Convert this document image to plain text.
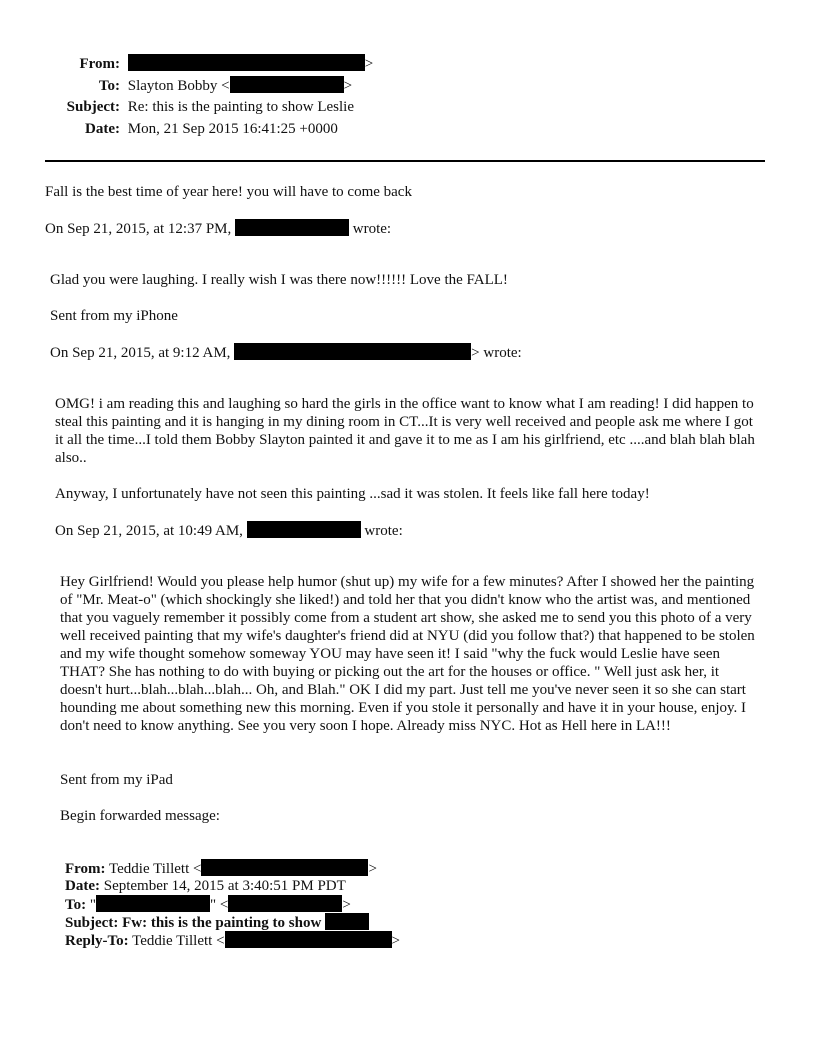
From:	>
To: Slayton Bobby <	>
Subject: Re: this is the painting to show Leslie
Date: Mon, 21 Sep 2015 16:41:25 +0000
Fall is the best time of year here! you will have to come back
On Sep 21, 2015, at 12:37 PM,	wrote:
Glad you were laughing. I really wish I was there now!!!!!! Love the FALL!
Sent from my iPhone
On Sep 21, 2015, at 9:12 AM,	> wrote:
OMG! i am reading this and laughing so hard the girls in the office want to know what I am reading! I did happen to steal this painting and it is hanging in my dining room in CT...It is very well received and people ask me where I got it all the time...I told them Bobby Slayton painted it and gave it to me as I am his girlfriend, etc ....and blah blah blah also..
Anyway, I unfortunately have not seen this painting ...sad it was stolen. It feels like fall here today!
On Sep 21, 2015, at 10:49 AM,	wrote:
Hey Girlfriend! Would you please help humor (shut up) my wife for a few minutes? After I showed her the painting of "Mr. Meat-o" (which shockingly she liked!) and told her that you didn't know who the artist was, and mentioned that you vaguely remember it possibly come from a student art show, she asked me to send you this photo of a very well received painting that my wife's daughter's friend did at NYU (did you follow that?) that happened to be stolen and my wife thought somehow someway YOU may have seen it! I said "why the fuck would Leslie have seen THAT? She has nothing to do with buying or picking out the art for the houses or office. " Well just ask her, it doesn't hurt...blah...blah...blah... Oh, and Blah." OK I did my part. Just tell me you've never seen it so she can start hounding me about something new this morning. Even if you stole it personally and have it in your house, enjoy. I don't need to know anything. See you very soon I hope. Already miss NYC. Hot as Hell here in LA!!!
Sent from my iPad
Begin forwarded message:
From: Teddie Tillett <	>
Date: September 14, 2015 at 3:40:51 PM PDT
To: "	" <	>
Subject: Fw: this is the painting to show
Reply-To: Teddie Tillett <	>
